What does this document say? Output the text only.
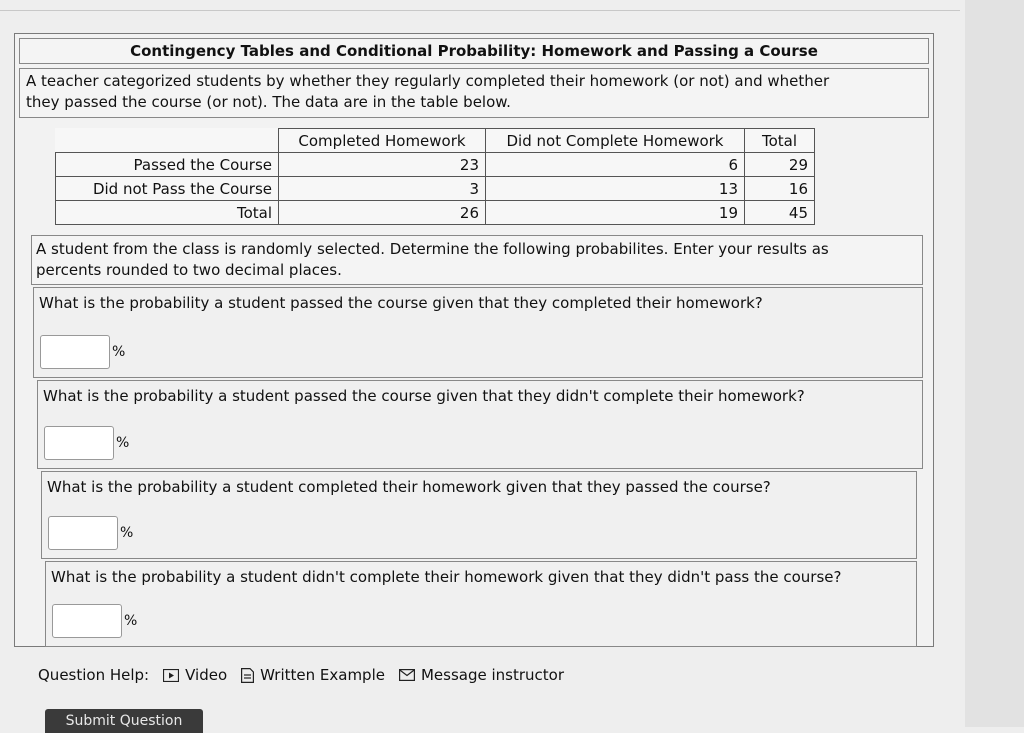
Contingency Tables and Conditional Probability: Homework and Passing a Course
A teacher categorized students by whether they regularly completed their homework (or not) and whether
they passed the course (or not). The data are in the table below.
	Completed Homework	Did not Complete Homework	Total
Passed the Course	23	6	29
Did not Pass the Course	3	13	16
Total	26	19	45
A student from the class is randomly selected. Determine the following probabilites. Enter your results as
percents rounded to two decimal places.
What is the probability a student passed the course given that they completed their homework?
%
What is the probability a student passed the course given that they didn't complete their homework?
%
What is the probability a student completed their homework given that they passed the course?
%
What is the probability a student didn't complete their homework given that they didn't pass the course?
%
Question Help: Video Written Example Message instructor
Submit Question
